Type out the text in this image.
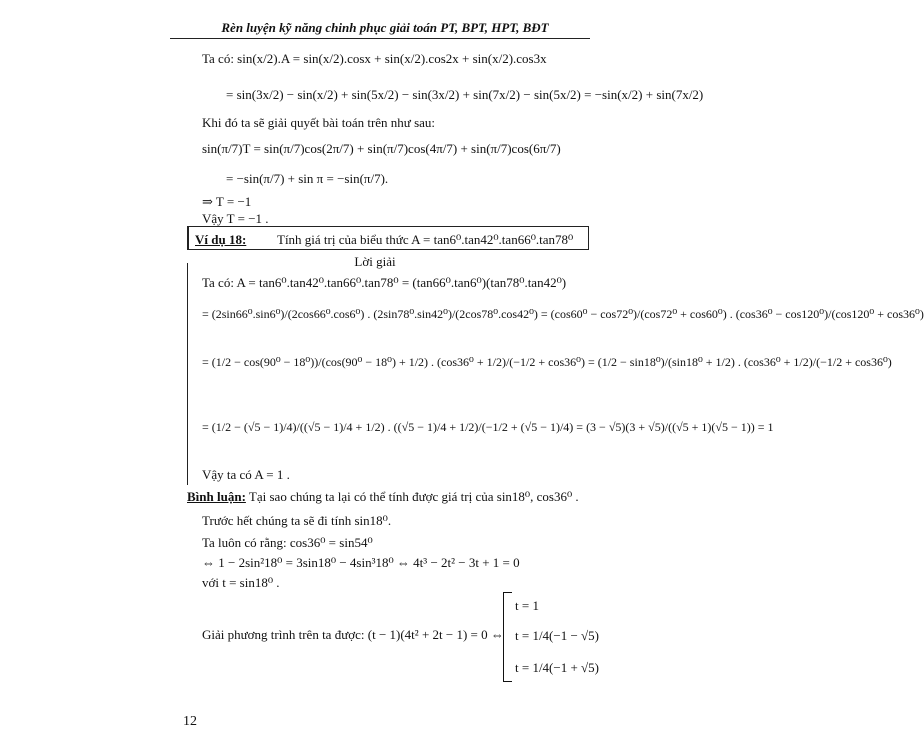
Rèn luyện kỹ năng chinh phục giải toán PT, BPT, HPT, BĐT
Ta có: sin(x/2).A = sin(x/2).cosx + sin(x/2).cos2x + sin(x/2).cos3x
= sin(3x/2) − sin(x/2) + sin(5x/2) − sin(3x/2) + sin(7x/2) − sin(5x/2) = −sin(x/2) + sin(7x/2)
Khi đó ta sẽ giải quyết bài toán trên như sau:
sin(π/7)T = sin(π/7)cos(2π/7) + sin(π/7)cos(4π/7) + sin(π/7)cos(6π/7)
= −sin(π/7) + sin π = −sin(π/7).
⇒ T = −1
Vậy T = −1 .
Ví dụ 18: Tính giá trị của biểu thức A = tan6⁰.tan42⁰.tan66⁰.tan78⁰
Lời giải
Ta có: A = tan6⁰.tan42⁰.tan66⁰.tan78⁰ = (tan66⁰.tan6⁰)(tan78⁰.tan42⁰)
= (2sin66⁰.sin6⁰)/(2cos66⁰.cos6⁰) . (2sin78⁰.sin42⁰)/(2cos78⁰.cos42⁰) = (cos60⁰ − cos72⁰)/(cos72⁰ + cos60⁰) . (cos36⁰ − cos120⁰)/(cos120⁰ + cos36⁰)
= (1/2 − cos(90⁰ − 18⁰))/(cos(90⁰ − 18⁰) + 1/2) . (cos36⁰ + 1/2)/(−1/2 + cos36⁰) = (1/2 − sin18⁰)/(sin18⁰ + 1/2) . (cos36⁰ + 1/2)/(−1/2 + cos36⁰)
= (1/2 − (√5 − 1)/4)/((√5 − 1)/4 + 1/2) . ((√5 − 1)/4 + 1/2)/(−1/2 + (√5 − 1)/4) = (3 − √5)(3 + √5)/((√5 + 1)(√5 − 1)) = 1
Vậy ta có A = 1 .
Bình luận: Tại sao chúng ta lại có thể tính được giá trị của sin18⁰, cos36⁰ .
Trước hết chúng ta sẽ đi tính sin18⁰.
Ta luôn có rằng: cos36⁰ = sin54⁰
⇔ 1 − 2sin²18⁰ = 3sin18⁰ − 4sin³18⁰ ⇔ 4t³ − 2t² − 3t + 1 = 0
với t = sin18⁰ .
Giải phương trình trên ta được: (t − 1)(4t² + 2t − 1) = 0 ⇔
t = 1
t = 1/4(−1 − √5)
t = 1/4(−1 + √5)
12
